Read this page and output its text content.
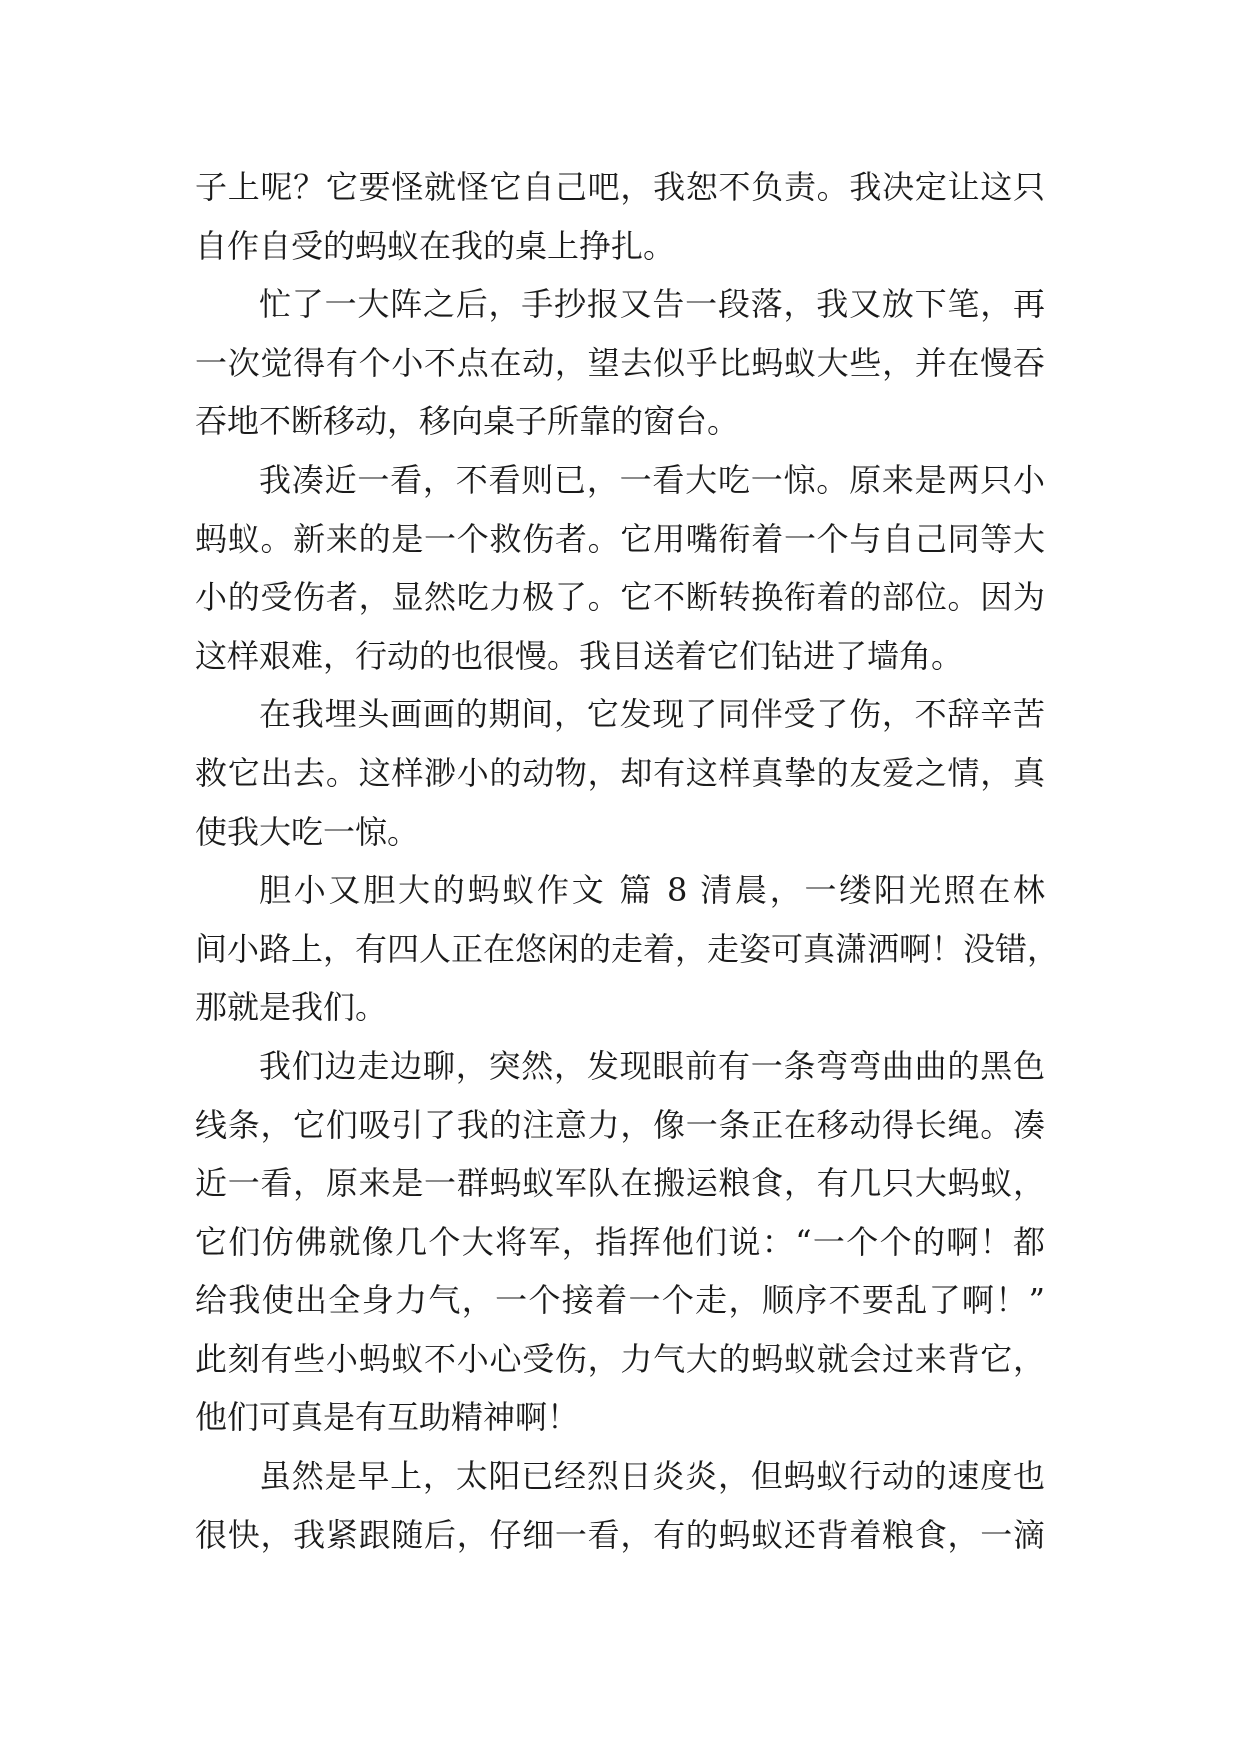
子上呢？它要怪就怪它自己吧，我恕不负责。我决定让这只
自作自受的蚂蚁在我的桌上挣扎。
忙了一大阵之后，手抄报又告一段落，我又放下笔，再
一次觉得有个小不点在动，望去似乎比蚂蚁大些，并在慢吞
吞地不断移动，移向桌子所靠的窗台。
我凑近一看，不看则已，一看大吃一惊。原来是两只小
蚂蚁。新来的是一个救伤者。它用嘴衔着一个与自己同等大
小的受伤者，显然吃力极了。它不断转换衔着的部位。因为
这样艰难，行动的也很慢。我目送着它们钻进了墙角。
在我埋头画画的期间，它发现了同伴受了伤，不辞辛苦
救它出去。这样渺小的动物，却有这样真挚的友爱之情，真
使我大吃一惊。
胆小又胆大的蚂蚁作文 篇 8 清晨，一缕阳光照在林
间小路上，有四人正在悠闲的走着，走姿可真潇洒啊！没错，
那就是我们。
我们边走边聊，突然，发现眼前有一条弯弯曲曲的黑色
线条，它们吸引了我的注意力，像一条正在移动得长绳。凑
近一看，原来是一群蚂蚁军队在搬运粮食，有几只大蚂蚁，
它们仿佛就像几个大将军，指挥他们说：“一个个的啊！都
给我使出全身力气，一个接着一个走，顺序不要乱了啊！”
此刻有些小蚂蚁不小心受伤，力气大的蚂蚁就会过来背它，
他们可真是有互助精神啊！
虽然是早上，太阳已经烈日炎炎，但蚂蚁行动的速度也
很快，我紧跟随后，仔细一看，有的蚂蚁还背着粮食，一滴
